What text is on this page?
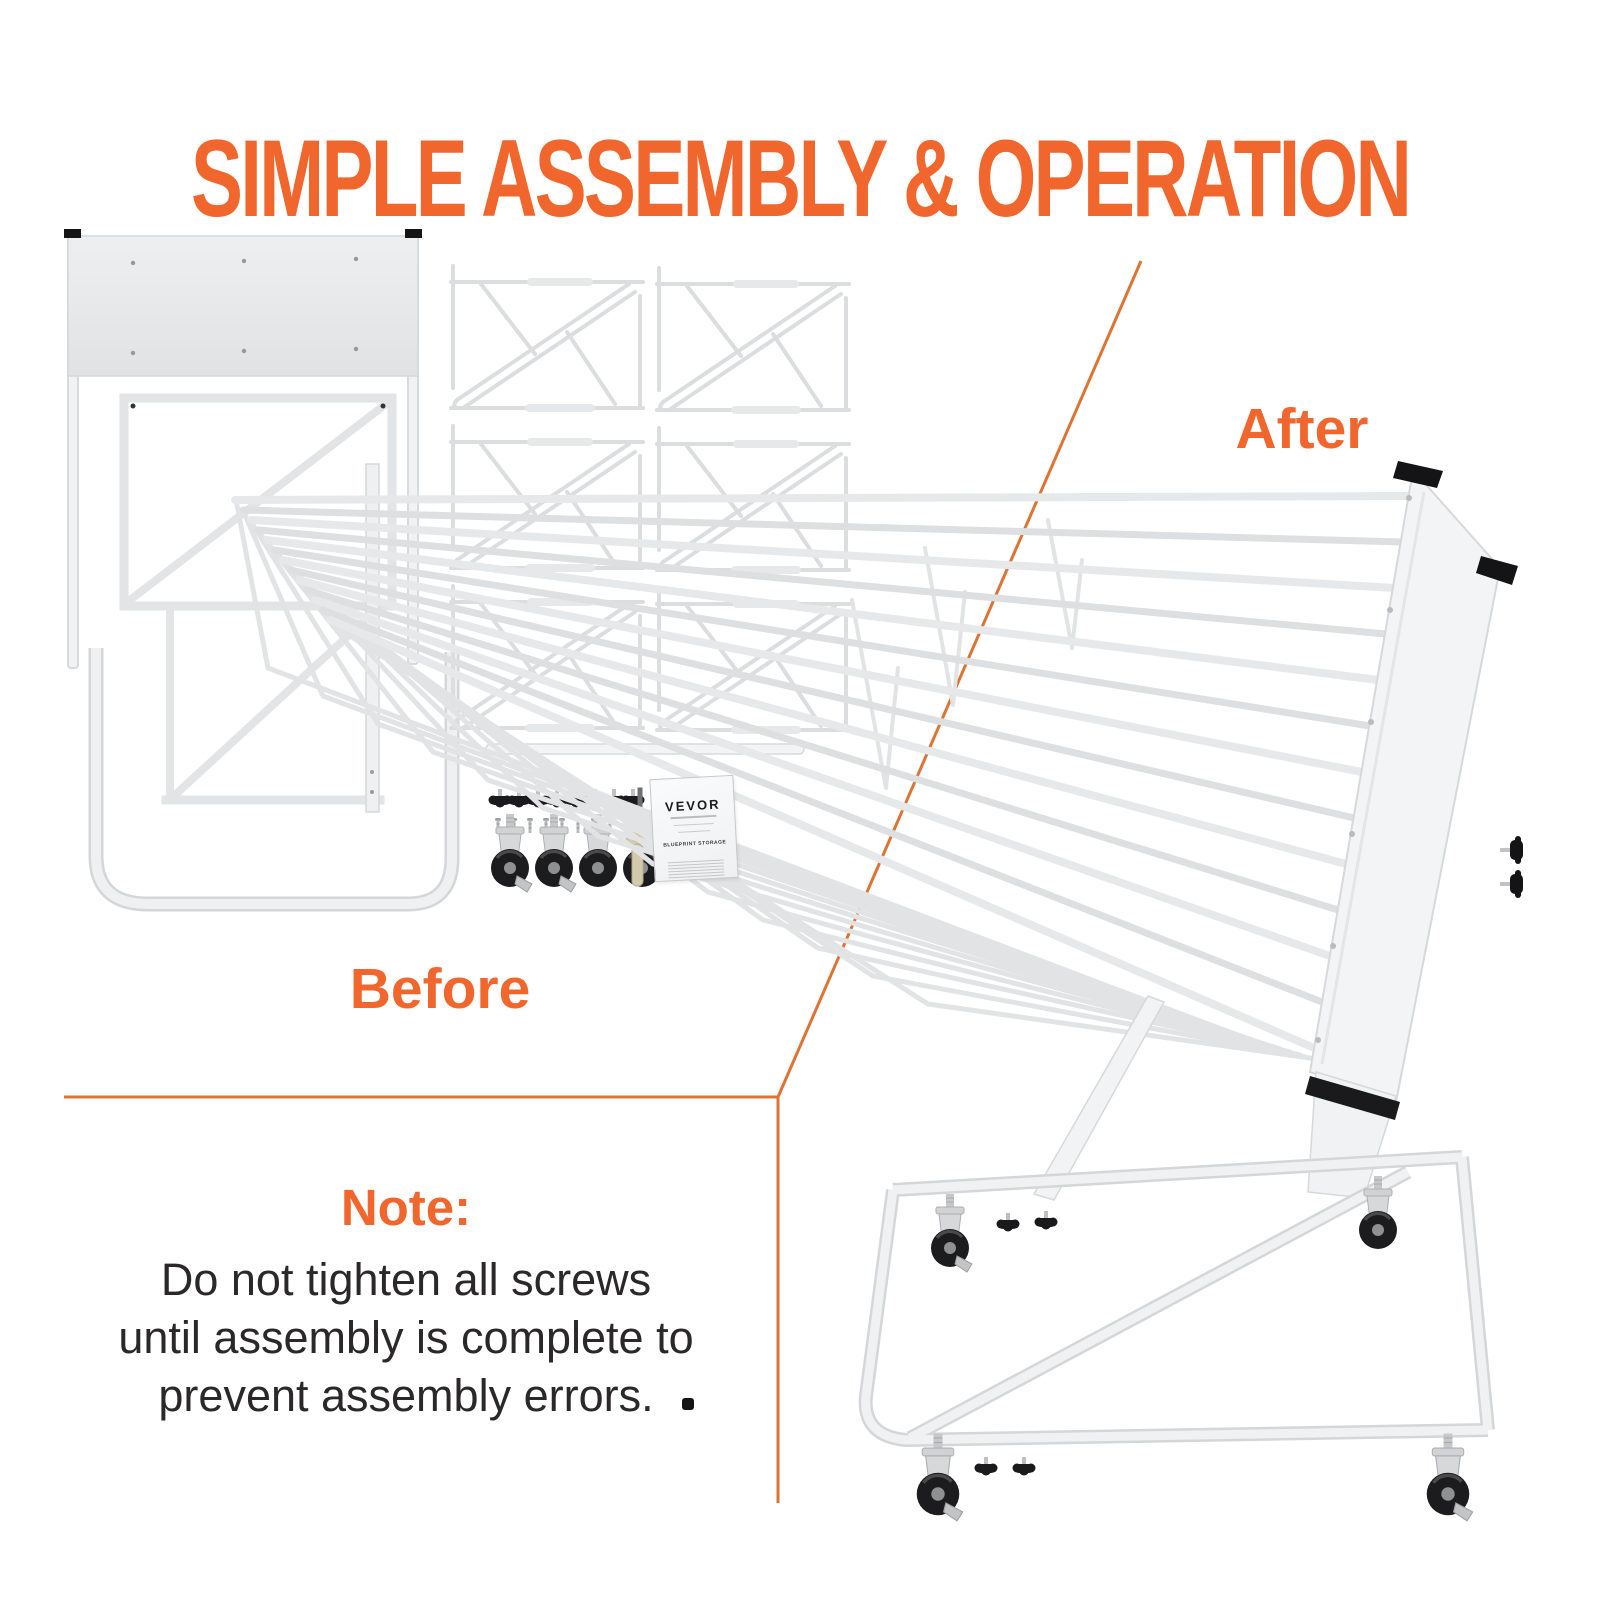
SIMPLE ASSEMBLY & OPERATION
Before
After
Note:
Do not tighten all screws
until assembly is complete to
prevent assembly errors.
VEVOR
BLUEPRINT STORAGE
